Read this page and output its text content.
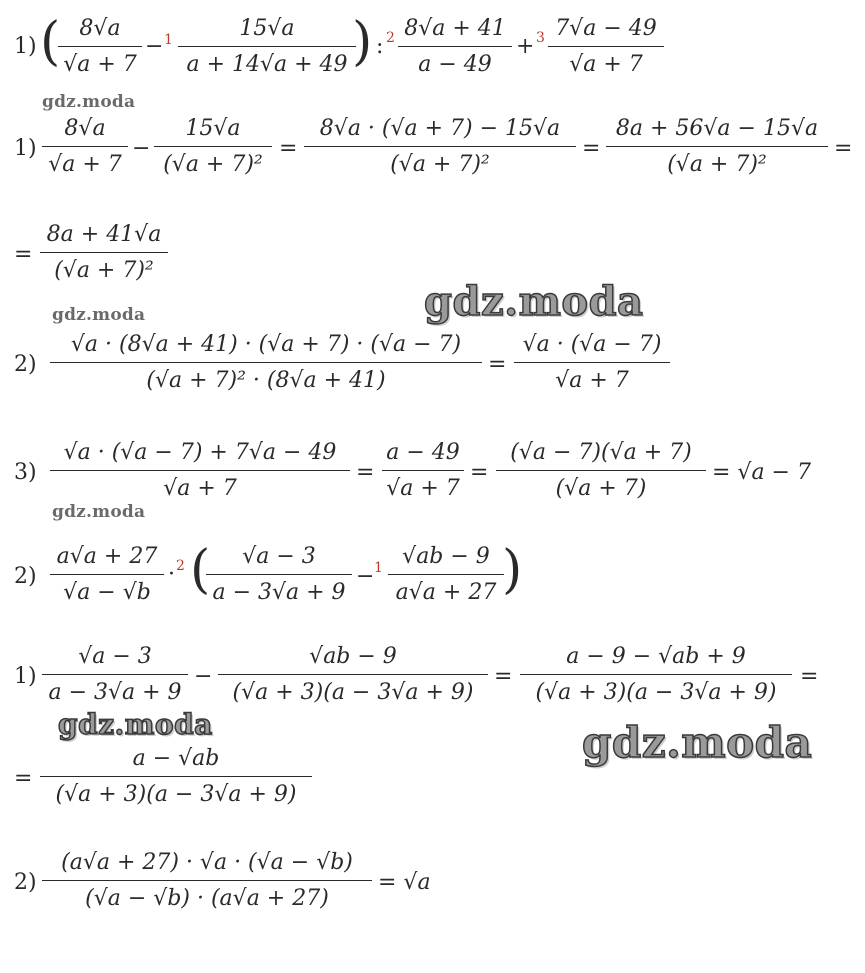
1) ( 8√a
√a + 7
− 1	15√a
a + 14√a + 49 ) : 2 8√a + 41
a − 49
+ 3 7√a − 49
√a + 7
gdz.moda
1)
8√a
√a + 7
−
15√a
(√a + 7)²
=
8√a · (√a + 7) − 15√a
(√a + 7)²
=
8a + 56√a − 15√a
(√a + 7)²
=
=
8a + 41√a
(√a + 7)²
gdz.moda
gdz.moda
2)
√a · (8√a + 41) · (√a + 7) · (√a − 7)
(√a + 7)² · (8√a + 41)
=
√a · (√a − 7)
√a + 7
3)
√a · (√a − 7) + 7√a − 49
√a + 7
=
a − 49
√a + 7
=
(√a − 7)(√a + 7)
(√a + 7)
= √a − 7
gdz.moda
2)
a√a + 27
√a − √b
· 2 (	√a − 3
a − 3√a + 9
− 1 √ab − 9
a√a + 27 )
1)
√a − 3
a − 3√a + 9
−
√ab − 9
(√a + 3)(a − 3√a + 9)
=
a − 9 − √ab + 9
(√a + 3)(a − 3√a + 9)
=
=
a − √ab
(√a + 3)(a − 3√a + 9)
gdz.moda	gdz.moda
2)
(a√a + 27) · √a · (√a − √b)
(√a − √b) · (a√a + 27)
= √a
